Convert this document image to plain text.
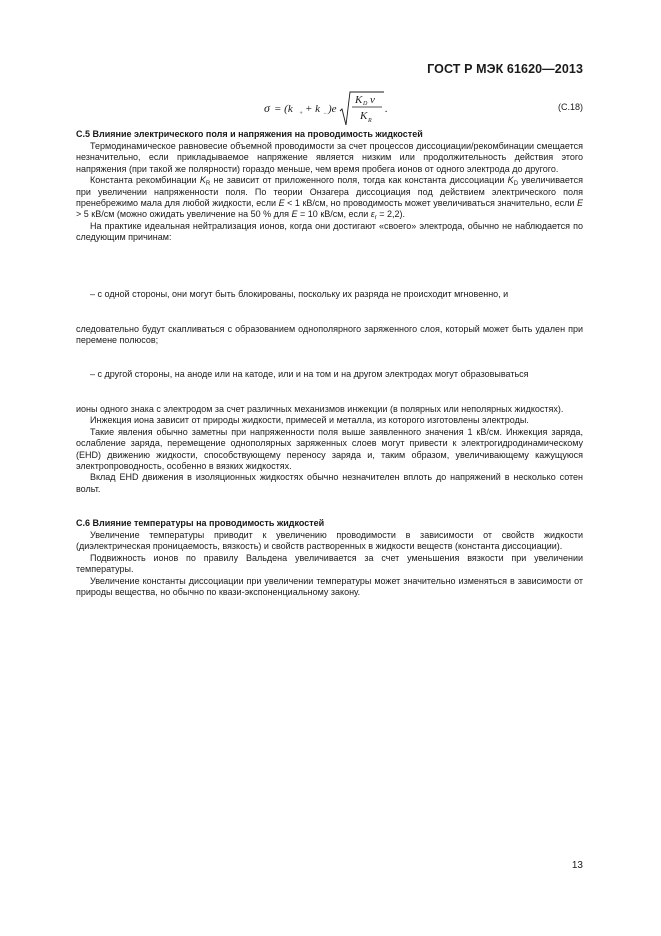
ГОСТ Р МЭК 61620—2013
σ = (k + + k − )e
K D ν
K R
.	(С.18)
С.5 Влияние электрического поля и напряжения на проводимость жидкостей

Термодинамическое равновесие объемной проводимости за счет процессов диссоциации/рекомбинации смещается незначительно, если прикладываемое напряжение является низким или продолжительность действия этого напряжения (при такой же полярности) гораздо меньше, чем время пробега ионов от одного электрода до другого.

Константа рекомбинации $K_R$ не зависит от приложенного поля, тогда как константа диссоциации $K_D$ увеличивается при увеличении напряженности поля. По теории Онзагера диссоциация под действием электрического поля пренебрежимо мала для любой жидкости, если E < 1 кВ/см, но проводимость может увеличиваться значительно, если E > 5 кВ/см (можно ожидать увеличение на 50 % для E = 10 кВ/см, если $\varepsilon_r = 2,2$).

На практике идеальная нейтрализация ионов, когда они достигают «своего» электрода, обычно не наблюдается по следующим причинам:

– с одной стороны, они могут быть блокированы, поскольку их разряда не происходит мгновенно, и

следовательно будут скапливаться с образованием однополярного заряженного слоя, который может быть удален при перемене полюсов;

– с другой стороны, на аноде или на катоде, или и на том и на другом электродах могут образовываться

ионы одного знака с электродом за счет различных механизмов инжекции (в полярных или неполярных жидкостях).

Инжекция иона зависит от природы жидкости, примесей и металла, из которого изготовлены электроды.

Такие явления обычно заметны при напряженности поля выше заявленного значения 1 кВ/см. Инжекция заряда, ослабление заряда, перемещение однополярных заряженных слоев могут привести к электрогидродинамическому (EHD) движению жидкости, способствующему переносу заряда и, таким образом, увеличивающему кажущуюся электропроводность, особенно в вязких жидкостях.

Вклад EHD движения в изоляционных жидкостях обычно незначителен вплоть до напряжений в несколько сотен вольт.

С.6 Влияние температуры на проводимость жидкостей

Увеличение температуры приводит к увеличению проводимости в зависимости от свойств жидкости (диэлектрическая проницаемость, вязкость) и свойств растворенных в жидкости веществ (константа диссоциации).

Подвижность ионов по правилу Вальдена увеличивается за счет уменьшения вязкости при увеличении температуры.

Увеличение константы диссоциации при увеличении температуры может значительно изменяться в зависимости от природы вещества, но обычно по квази-экспоненциальному закону.

13
